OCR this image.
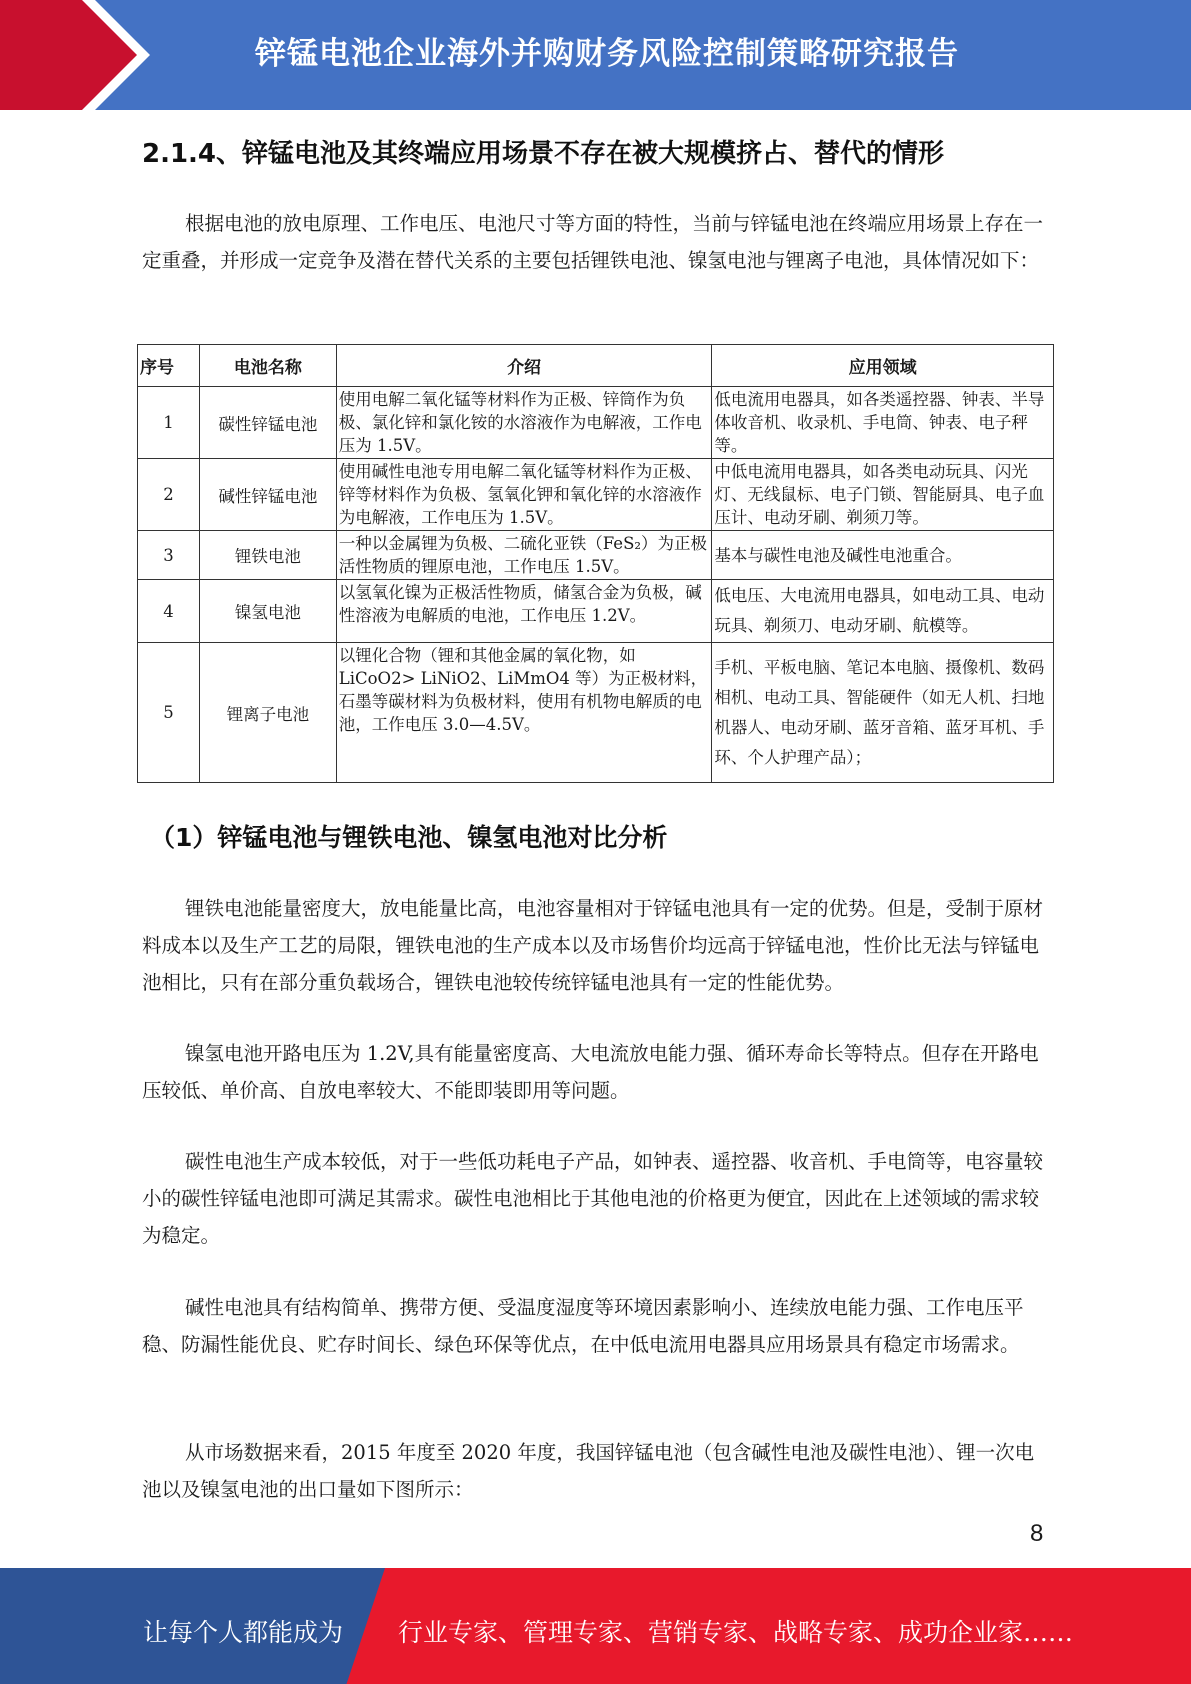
锌锰电池企业海外并购财务风险控制策略研究报告
2.1.4、锌锰电池及其终端应用场景不存在被大规模挤占、替代的情形

根据电池的放电原理、工作电压、电池尺寸等方面的特性，当前与锌锰电池在终端应用场景上存在一定重叠，并形成一定竞争及潜在替代关系的主要包括锂铁电池、镍氢电池与锂离子电池，具体情况如下：

序号	电池名称	介绍	应用领域
1	碳性锌锰电池	使用电解二氧化锰等材料作为正极、锌筒作为负极、氯化锌和氯化铵的水溶液作为电解液，工作电压为 1.5V。	低电流用电器具，如各类遥控器、钟表、半导体收音机、收录机、手电筒、钟表、电子秤等。
2	碱性锌锰电池	使用碱性电池专用电解二氧化锰等材料作为正极、锌等材料作为负极、氢氧化钾和氧化锌的水溶液作为电解液，工作电压为 1.5V。	中低电流用电器具，如各类电动玩具、闪光灯、无线鼠标、电子门锁、智能厨具、电子血压计、电动牙刷、剃须刀等。
3	锂铁电池	一种以金属锂为负极、二硫化亚铁（FeS₂）为正极活性物质的锂原电池，工作电压 1.5V。	基本与碳性电池及碱性电池重合。
4	镍氢电池	以氢氧化镍为正极活性物质，储氢合金为负极，碱性溶液为电解质的电池，工作电压 1.2V。	低电压、大电流用电器具，如电动工具、电动玩具、剃须刀、电动牙刷、航模等。
5	锂离子电池	以锂化合物（锂和其他金属的氧化物，如 LiCoO2> LiNiO2、LiMmO4 等）为正极材料，石墨等碳材料为负极材料，使用有机物电解质的电池，工作电压 3.0—4.5V。	手机、平板电脑、笔记本电脑、摄像机、数码相机、电动工具、智能硬件（如无人机、扫地机器人、电动牙刷、蓝牙音箱、蓝牙耳机、手环、个人护理产品）；
（1）锌锰电池与锂铁电池、镍氢电池对比分析

锂铁电池能量密度大，放电能量比高，电池容量相对于锌锰电池具有一定的优势。但是，受制于原材料成本以及生产工艺的局限，锂铁电池的生产成本以及市场售价均远高于锌锰电池，性价比无法与锌锰电池相比，只有在部分重负载场合，锂铁电池较传统锌锰电池具有一定的性能优势。

镍氢电池开路电压为 1.2V,具有能量密度高、大电流放电能力强、循环寿命长等特点。但存在开路电压较低、单价高、自放电率较大、不能即装即用等问题。

碳性电池生产成本较低，对于一些低功耗电子产品，如钟表、遥控器、收音机、手电筒等，电容量较小的碳性锌锰电池即可满足其需求。碳性电池相比于其他电池的价格更为便宜，因此在上述领域的需求较为稳定。

碱性电池具有结构简单、携带方便、受温度湿度等环境因素影响小、连续放电能力强、工作电压平稳、防漏性能优良、贮存时间长、绿色环保等优点，在中低电流用电器具应用场景具有稳定市场需求。

从市场数据来看，2015 年度至 2020 年度，我国锌锰电池（包含碱性电池及碳性电池）、锂一次电池以及镍氢电池的出口量如下图所示：

8
让每个人都能成为 行业专家、管理专家、营销专家、战略专家、成功企业家……
